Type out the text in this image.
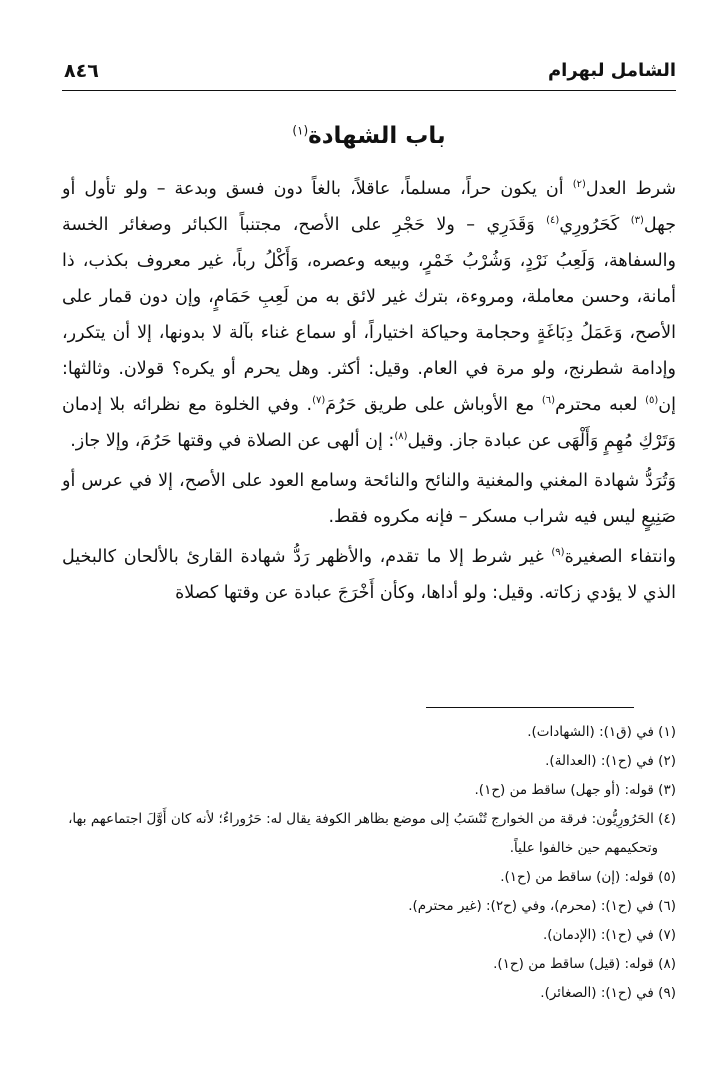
الشامل لبهرام
٨٤٦
باب الشهادة$^{(١)}$

شرط العدل$^{(٢)}$ أن يكون حراً، مسلماً، عاقلاً، بالغاً دون فسق وبدعة – ولو تأول أو جهل$^{(٣)}$ كَحَرُورِي$^{(٤)}$ وَقَدَرِي – ولا حَجْرِ على الأصح، مجتنباً الكبائر وصغائر الخسة والسفاهة، وَلَعِبُ نَرْدٍ، وَشُرْبُ خَمْرٍ، وبيعه وعصره، وَأَكْلُ رباً، غير معروف بكذب، ذا أمانة، وحسن معاملة، ومروءة، بترك غير لائق به من لَعِبِ حَمَامٍ، وإن دون قمار على الأصح، وَعَمَلُ دِبَاغَةٍ وحجامة وحياكة اختياراً، أو سماع غناء بآلة لا بدونها، إلا أن يتكرر، وإدامة شطرنج، ولو مرة في العام. وقيل: أكثر. وهل يحرم أو يكره؟ قولان. وثالثها: إن$^{(٥)}$ لعبه محترم$^{(٦)}$ مع الأوباش على طريق حَرُمَ$^{(٧)}$. وفي الخلوة مع نظرائه بلا إدمان وَتَرْكِ مُهِمٍ وَأَلْهَى عن عبادة جاز. وقيل$^{(٨)}$: إن ألهى عن الصلاة في وقتها حَرُمَ، وإلا جاز.

وَتُرَدُّ شهادة المغني والمغنية والنائح والنائحة وسامع العود على الأصح، إلا في عرس أو صَنِيعٍ ليس فيه شراب مسكر – فإنه مكروه فقط.

وانتفاء الصغيرة$^{(٩)}$ غير شرط إلا ما تقدم، والأظهر رَدُّ شهادة القارئ بالألحان كالبخيل الذي لا يؤدي زكاته. وقيل: ولو أداها، وكأن أَخْرَجَ عبادة عن وقتها كصلاة

(١) في (ق١): (الشهادات).
(٢) في (ح١): (العدالة).
(٣) قوله: (أو جهل) ساقط من (ح١).
(٤) الحَرُورِيُّون: فرقة من الخوارج تُنْسَبُ إلى موضع بظاهر الكوفة يقال له: حَرُوراءُ؛ لأنه كان أَوَّلَ اجتماعهم بها،
وتحكيمهم حين خالفوا علياً.
(٥) قوله: (إن) ساقط من (ح١).
(٦) في (ح١): (محرم)، وفي (ح٢): (غير محترم).
(٧) في (ح١): (الإدمان).
(٨) قوله: (قيل) ساقط من (ح١).
(٩) في (ح١): (الصغائر).
